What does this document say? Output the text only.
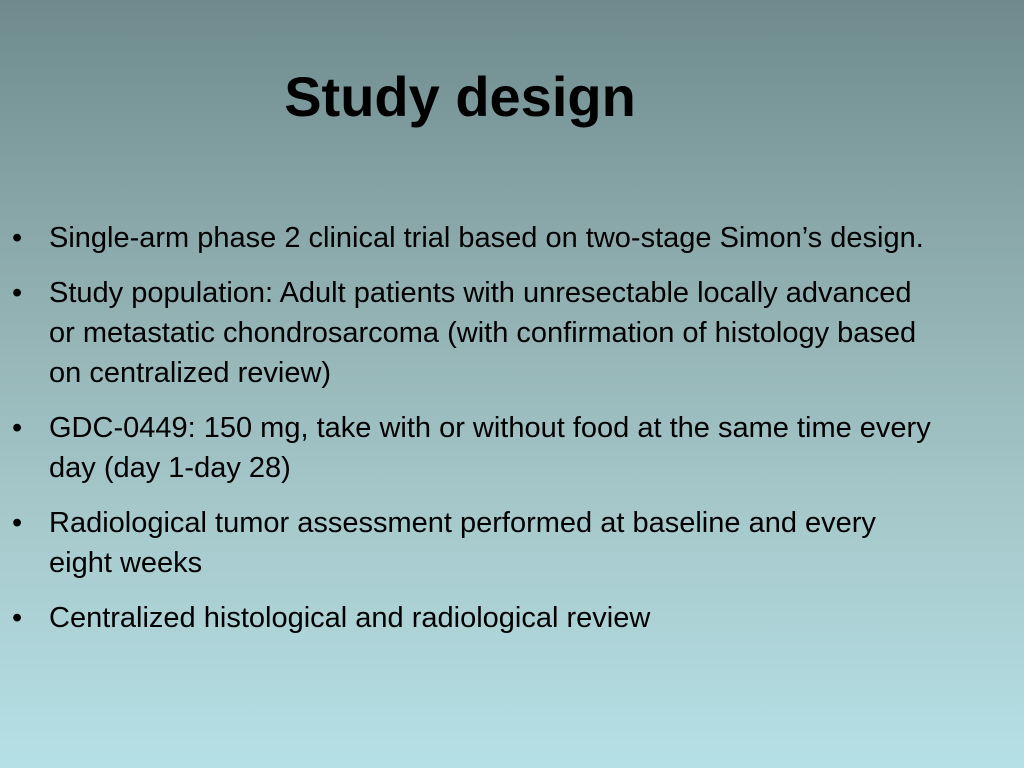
Study design
• Single-arm phase 2 clinical trial based on two-stage Simon’s design.
• Study population: Adult patients with unresectable locally advanced or metastatic chondrosarcoma (with confirmation of histology based on centralized review)
• GDC-0449: 150 mg, take with or without food at the same time every day (day 1-day 28)
• Radiological tumor assessment performed at baseline and every eight weeks
• Centralized histological and radiological review
